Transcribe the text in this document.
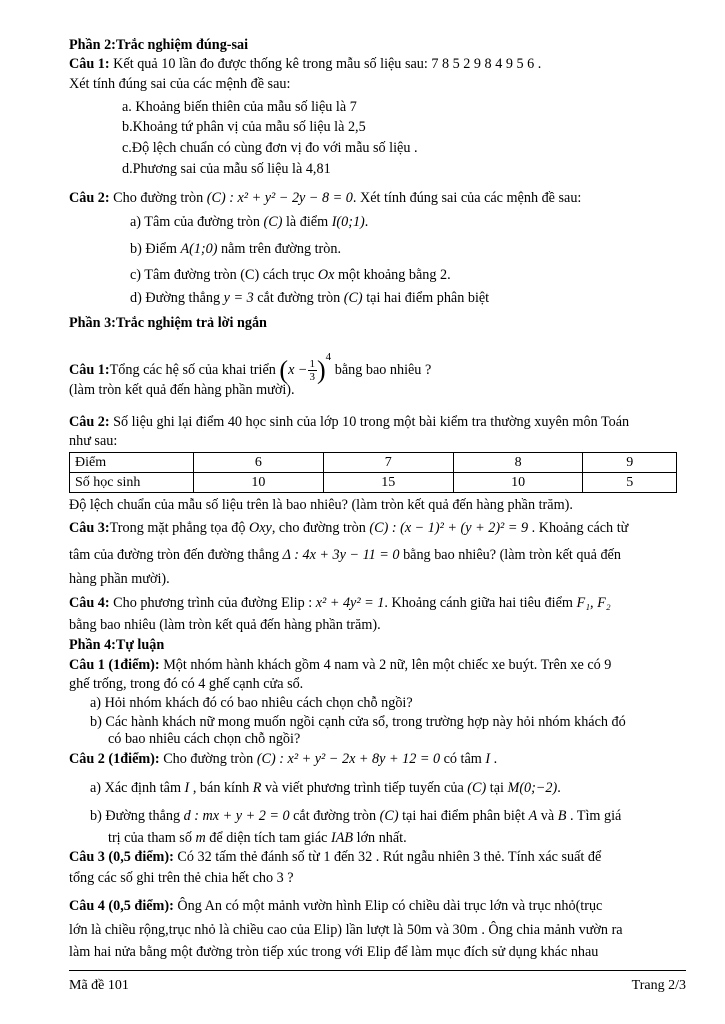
Phần 2:Trắc nghiệm đúng-sai
Câu 1: Kết quả 10 lần đo được thống kê trong mẫu số liệu sau: 7 8 5 2 9 8 4 9 5 6 .
Xét tính đúng sai của các mệnh đề sau:
a. Khoảng biến thiên của mẫu số liệu là 7
b.Khoảng tứ phân vị của mẫu số liệu là 2,5
c.Độ lệch chuẩn có cùng đơn vị đo với mẫu số liệu .
d.Phương sai của mẫu số liệu là 4,81
Câu 2: Cho đường tròn (C) : x² + y² − 2y − 8 = 0. Xét tính đúng sai của các mệnh đề sau:
a) Tâm của đường tròn (C) là điểm I(0;1).
b) Điểm A(1;0) nằm trên đường tròn.
c) Tâm đường tròn (C) cách trục Ox một khoảng bằng 2.
d) Đường thẳng y = 3 cắt đường tròn (C) tại hai điểm phân biệt
Phần 3:Trắc nghiệm trả lời ngắn
Câu 1:Tổng các hệ số của khai triển $(x - \frac{1}{3} )^4$ bằng bao nhiêu ?
(làm tròn kết quả đến hàng phần mười).
Câu 2: Số liệu ghi lại điểm 40 học sinh của lớp 10 trong một bài kiểm tra thường xuyên môn Toán
như sau:
Điểm	6	7	8	9
Số học sinh	10	15	10	5
Độ lệch chuẩn của mẫu số liệu trên là bao nhiêu? (làm tròn kết quả đến hàng phần trăm).
Câu 3:Trong mặt phẳng tọa độ Oxy, cho đường tròn (C) : (x − 1)² + (y + 2)² = 9 . Khoảng cách từ
tâm của đường tròn đến đường thẳng Δ : 4x + 3y − 11 = 0 bằng bao nhiêu? (làm tròn kết quả đến
hàng phần mười).
Câu 4: Cho phương trình của đường Elip : x² + 4y² = 1. Khoảng cánh giữa hai tiêu điểm F₁, F₂
bằng bao nhiêu (làm tròn kết quả đến hàng phần trăm).
Phần 4:Tự luận
Câu 1 (1điểm): Một nhóm hành khách gồm 4 nam và 2 nữ, lên một chiếc xe buýt. Trên xe có 9
ghế trống, trong đó có 4 ghế cạnh cửa sổ.
a) Hỏi nhóm khách đó có bao nhiêu cách chọn chỗ ngồi?
b) Các hành khách nữ mong muốn ngồi cạnh cửa sổ, trong trường hợp này hỏi nhóm khách đó
có bao nhiêu cách chọn chỗ ngồi?
Câu 2 (1điểm): Cho đường tròn (C) : x² + y² − 2x + 8y + 12 = 0 có tâm I .
a) Xác định tâm I , bán kính R và viết phương trình tiếp tuyến của (C) tại M(0;−2).
b) Đường thẳng d : mx + y + 2 = 0 cắt đường tròn (C) tại hai điểm phân biệt A và B . Tìm giá
trị của tham số m để diện tích tam giác IAB lớn nhất.
Câu 3 (0,5 điểm): Có 32 tấm thẻ đánh số từ 1 đến 32 . Rút ngẫu nhiên 3 thẻ. Tính xác suất để
tổng các số ghi trên thẻ chia hết cho 3 ?
Câu 4 (0,5 điểm): Ông An có một mảnh vườn hình Elip có chiều dài trục lớn và trục nhỏ(trục
lớn là chiều rộng,trục nhỏ là chiều cao của Elip) lần lượt là 50m và 30m . Ông chia mảnh vườn ra
làm hai nửa bằng một đường tròn tiếp xúc trong với Elip để làm mục đích sử dụng khác nhau
Mã đề 101	Trang 2/3
